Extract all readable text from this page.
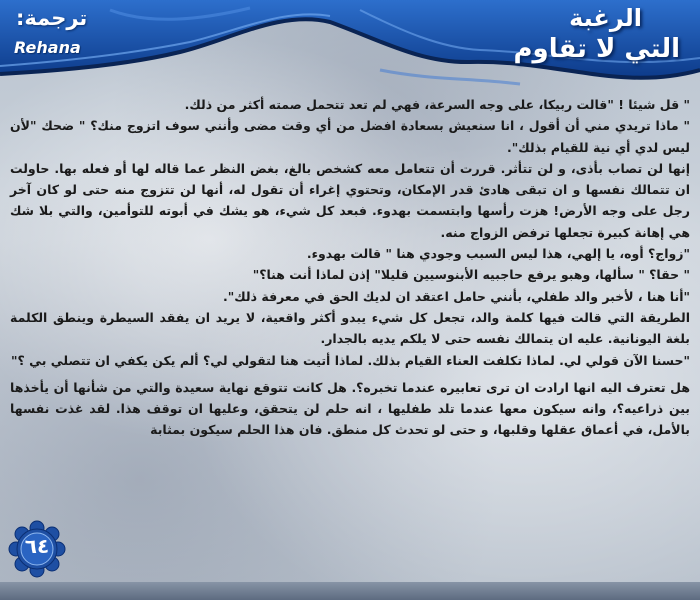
ترجمة:
Rehana
الرغبة
التي لا تقاوم

" قل شيئا ! "قالت ربيكا، على وجه السرعة، فهي لم تعد تتحمل صمته أكثر من ذلك.

" ماذا تريدي مني أن أقول ، انا سنعيش بسعادة افضل من أي وقت مضى وأنني سوف اتزوج منك؟ " ضحك "لأن ليس لدي أي نية للقيام بذلك".

إنها لن تصاب بأذى، و لن تتأثر. قررت أن تتعامل معه كشخص بالغ، بغض النظر عما قاله لها أو فعله بها. حاولت ان تتمالك نفسها و ان تبقى هادئ قدر الإمكان، وتحتوي إغراء أن تقول له، أنها لن تتزوج منه حتى لو كان آخر رجل على وجه الأرض! هزت رأسها وابتسمت بهدوء. فبعد كل شيء، هو يشك في أبوته للتوأمين، والتي بلا شك هي إهانة كبيرة تجعلها ترفض الزواج منه.

"زواج؟ أوه، يا إلهي، هذا ليس السبب وجودي هنا " قالت بهدوء.

" حقا؟ " سألها، وهبو يرفع حاجبيه الأبنوسيين قليلا" إذن لماذا أنت هنا؟"

"أنا هنا ، لأخبر والد طفلي، بأنني حامل اعتقد ان لديك الحق في معرفة ذلك".

الطريقة التي قالت فيها كلمة والد، تجعل كل شيء يبدو أكثر واقعية، لا يريد ان يفقد السيطرة وينطق الكلمة بلغة اليونانية. عليه ان يتمالك نفسه حتى لا يلكم يديه بالجدار.

"حسنا الآن قولي لي. لماذا تكلفت العناء القيام بذلك. لماذا أتيت هنا لتقولي لي؟ ألم يكن يكفي ان تتصلي بي ؟"

هل تعترف اليه انها ارادت ان ترى تعابيره عندما تخبره؟. هل كانت تتوقع نهاية سعيدة والتي من شأنها أن يأخذها بين ذراعيه؟، وانه سيكون معها عندما تلد طفليها ، انه حلم لن يتحقق، وعليها ان توقف هذا. لقد غذت نفسها بالأمل، في أعماق عقلها وقلبها، و حتى لو تحدث كل منطق. فان هذا الحلم سيكون بمثابة

٦٤
